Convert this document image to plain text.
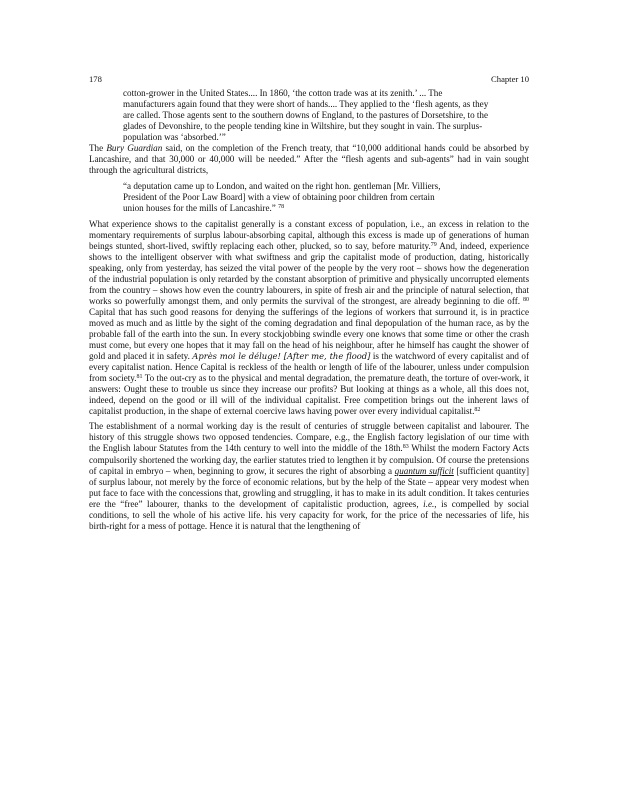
178	Chapter 10

cotton-grower in the United States.... In 1860, ‘the cotton trade was at its zenith.’ ... The manufacturers again found that they were short of hands.... They applied to the ‘flesh agents, as they are called. Those agents sent to the southern downs of England, to the pastures of Dorsetshire, to the glades of Devonshire, to the people tending kine in Wiltshire, but they sought in vain. The surplus-population was ‘absorbed.’”

The Bury Guardian said, on the completion of the French treaty, that “10,000 additional hands could be absorbed by Lancashire, and that 30,000 or 40,000 will be needed.” After the “flesh agents and sub-agents” had in vain sought through the agricultural districts,

“a deputation came up to London, and waited on the right hon. gentleman [Mr. Villiers, President of the Poor Law Board] with a view of obtaining poor children from certain union houses for the mills of Lancashire.” $^{78}$

What experience shows to the capitalist generally is a constant excess of population, i.e., an excess in relation to the momentary requirements of surplus labour-absorbing capital, although this excess is made up of generations of human beings stunted, short-lived, swiftly replacing each other, plucked, so to say, before maturity.$^{79}$ And, indeed, experience shows to the intelligent observer with what swiftness and grip the capitalist mode of production, dating, historically speaking, only from yesterday, has seized the vital power of the people by the very root – shows how the degeneration of the industrial population is only retarded by the constant absorption of primitive and physically uncorrupted elements from the country – shows how even the country labourers, in spite of fresh air and the principle of natural selection, that works so powerfully amongst them, and only permits the survival of the strongest, are already beginning to die off. $^{80}$ Capital that has such good reasons for denying the sufferings of the legions of workers that surround it, is in practice moved as much and as little by the sight of the coming degradation and final depopulation of the human race, as by the probable fall of the earth into the sun. In every stockjobbing swindle every one knows that some time or other the crash must come, but every one hopes that it may fall on the head of his neighbour, after he himself has caught the shower of gold and placed it in safety. Après moi le déluge! [After me, the flood] is the watchword of every capitalist and of every capitalist nation. Hence Capital is reckless of the health or length of life of the labourer, unless under compulsion from society.$^{81}$ To the out-cry as to the physical and mental degradation, the premature death, the torture of over-work, it answers: Ought these to trouble us since they increase our profits? But looking at things as a whole, all this does not, indeed, depend on the good or ill will of the individual capitalist. Free competition brings out the inherent laws of capitalist production, in the shape of external coercive laws having power over every individual capitalist.$^{82}$

The establishment of a normal working day is the result of centuries of struggle between capitalist and labourer. The history of this struggle shows two opposed tendencies. Compare, e.g., the English factory legislation of our time with the English labour Statutes from the 14th century to well into the middle of the 18th.$^{83}$ Whilst the modern Factory Acts compulsorily shortened the working day, the earlier statutes tried to lengthen it by compulsion. Of course the pretensions of capital in embryo – when, beginning to grow, it secures the right of absorbing a quantum sufficit [sufficient quantity] of surplus labour, not merely by the force of economic relations, but by the help of the State – appear very modest when put face to face with the concessions that, growling and struggling, it has to make in its adult condition. It takes centuries ere the “free” labourer, thanks to the development of capitalistic production, agrees, i.e., is compelled by social conditions, to sell the whole of his active life. his very capacity for work, for the price of the necessaries of life, his birth-right for a mess of pottage. Hence it is natural that the lengthening of
